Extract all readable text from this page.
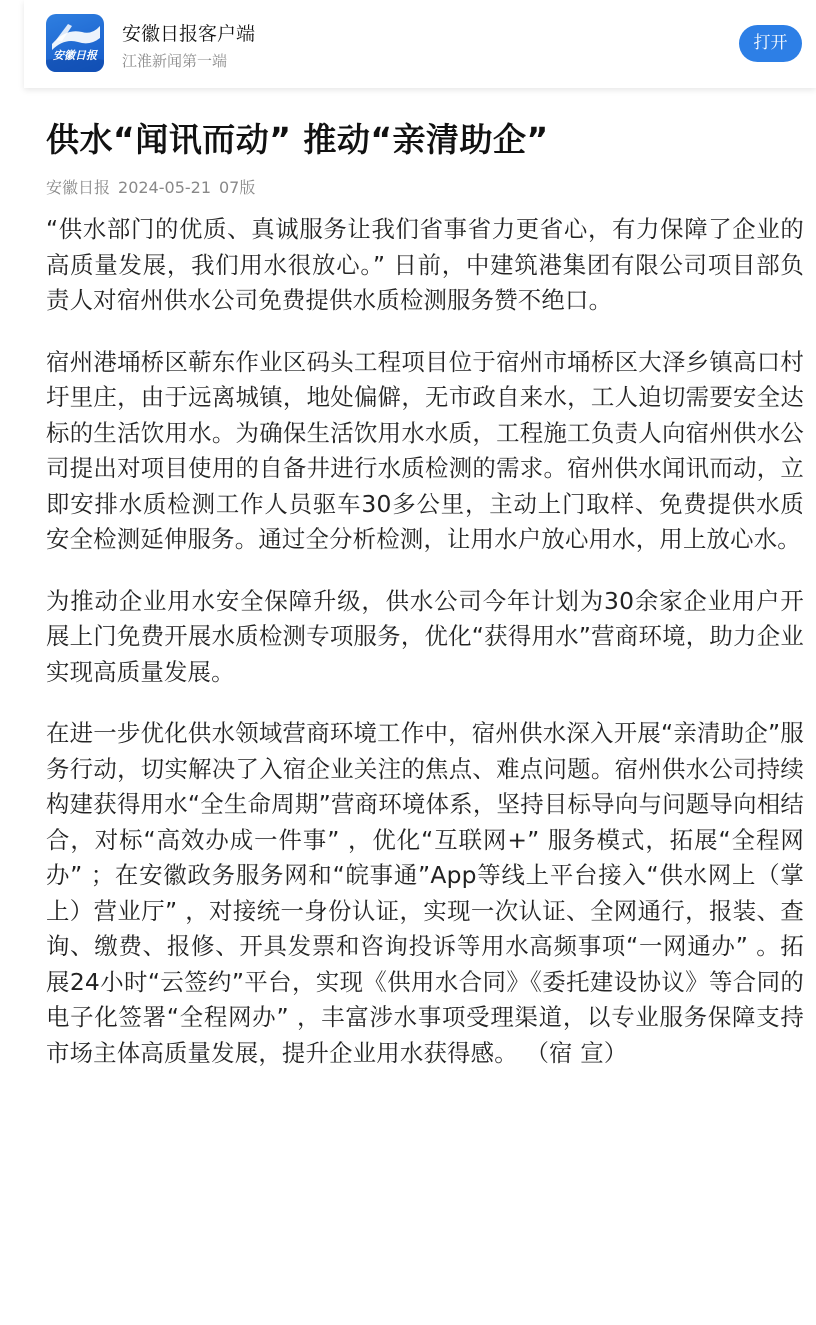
安徽日报
安徽日报客户端
江淮新闻第一端
打开
供水“闻讯而动” 推动“亲清助企”
安徽日报 2024-05-21 07版

“供水部门的优质、真诚服务让我们省事省力更省心，有力保障了企业的高质量发展，我们用水很放心。” 日前，中建筑港集团有限公司项目部负责人对宿州供水公司免费提供水质检测服务赞不绝口。

宿州港埇桥区蕲东作业区码头工程项目位于宿州市埇桥区大泽乡镇高口村圩里庄，由于远离城镇，地处偏僻，无市政自来水，工人迫切需要安全达标的生活饮用水。为确保生活饮用水水质，工程施工负责人向宿州供水公司提出对项目使用的自备井进行水质检测的需求。宿州供水闻讯而动，立即安排水质检测工作人员驱车30多公里，主动上门取样、免费提供水质安全检测延伸服务。通过全分析检测，让用水户放心用水，用上放心水。

为推动企业用水安全保障升级，供水公司今年计划为30余家企业用户开展上门免费开展水质检测专项服务，优化“获得用水”营商环境，助力企业实现高质量发展。

在进一步优化供水领域营商环境工作中，宿州供水深入开展“亲清助企”服务行动，切实解决了入宿企业关注的焦点、难点问题。宿州供水公司持续构建获得用水“全生命周期”营商环境体系，坚持目标导向与问题导向相结合，对标“高效办成一件事” ，优化“互联网+” 服务模式，拓展“全程网办” ；在安徽政务服务网和“皖事通”App等线上平台接入“供水网上（掌上）营业厅” ，对接统一身份认证，实现一次认证、全网通行，报装、查询、缴费、报修、开具发票和咨询投诉等用水高频事项“一网通办” 。拓展24小时“云签约”平台，实现《供用水合同》《委托建设协议》等合同的电子化签署“全程网办” ，丰富涉水事项受理渠道，以专业服务保障支持市场主体高质量发展，提升企业用水获得感。 （宿 宣）
